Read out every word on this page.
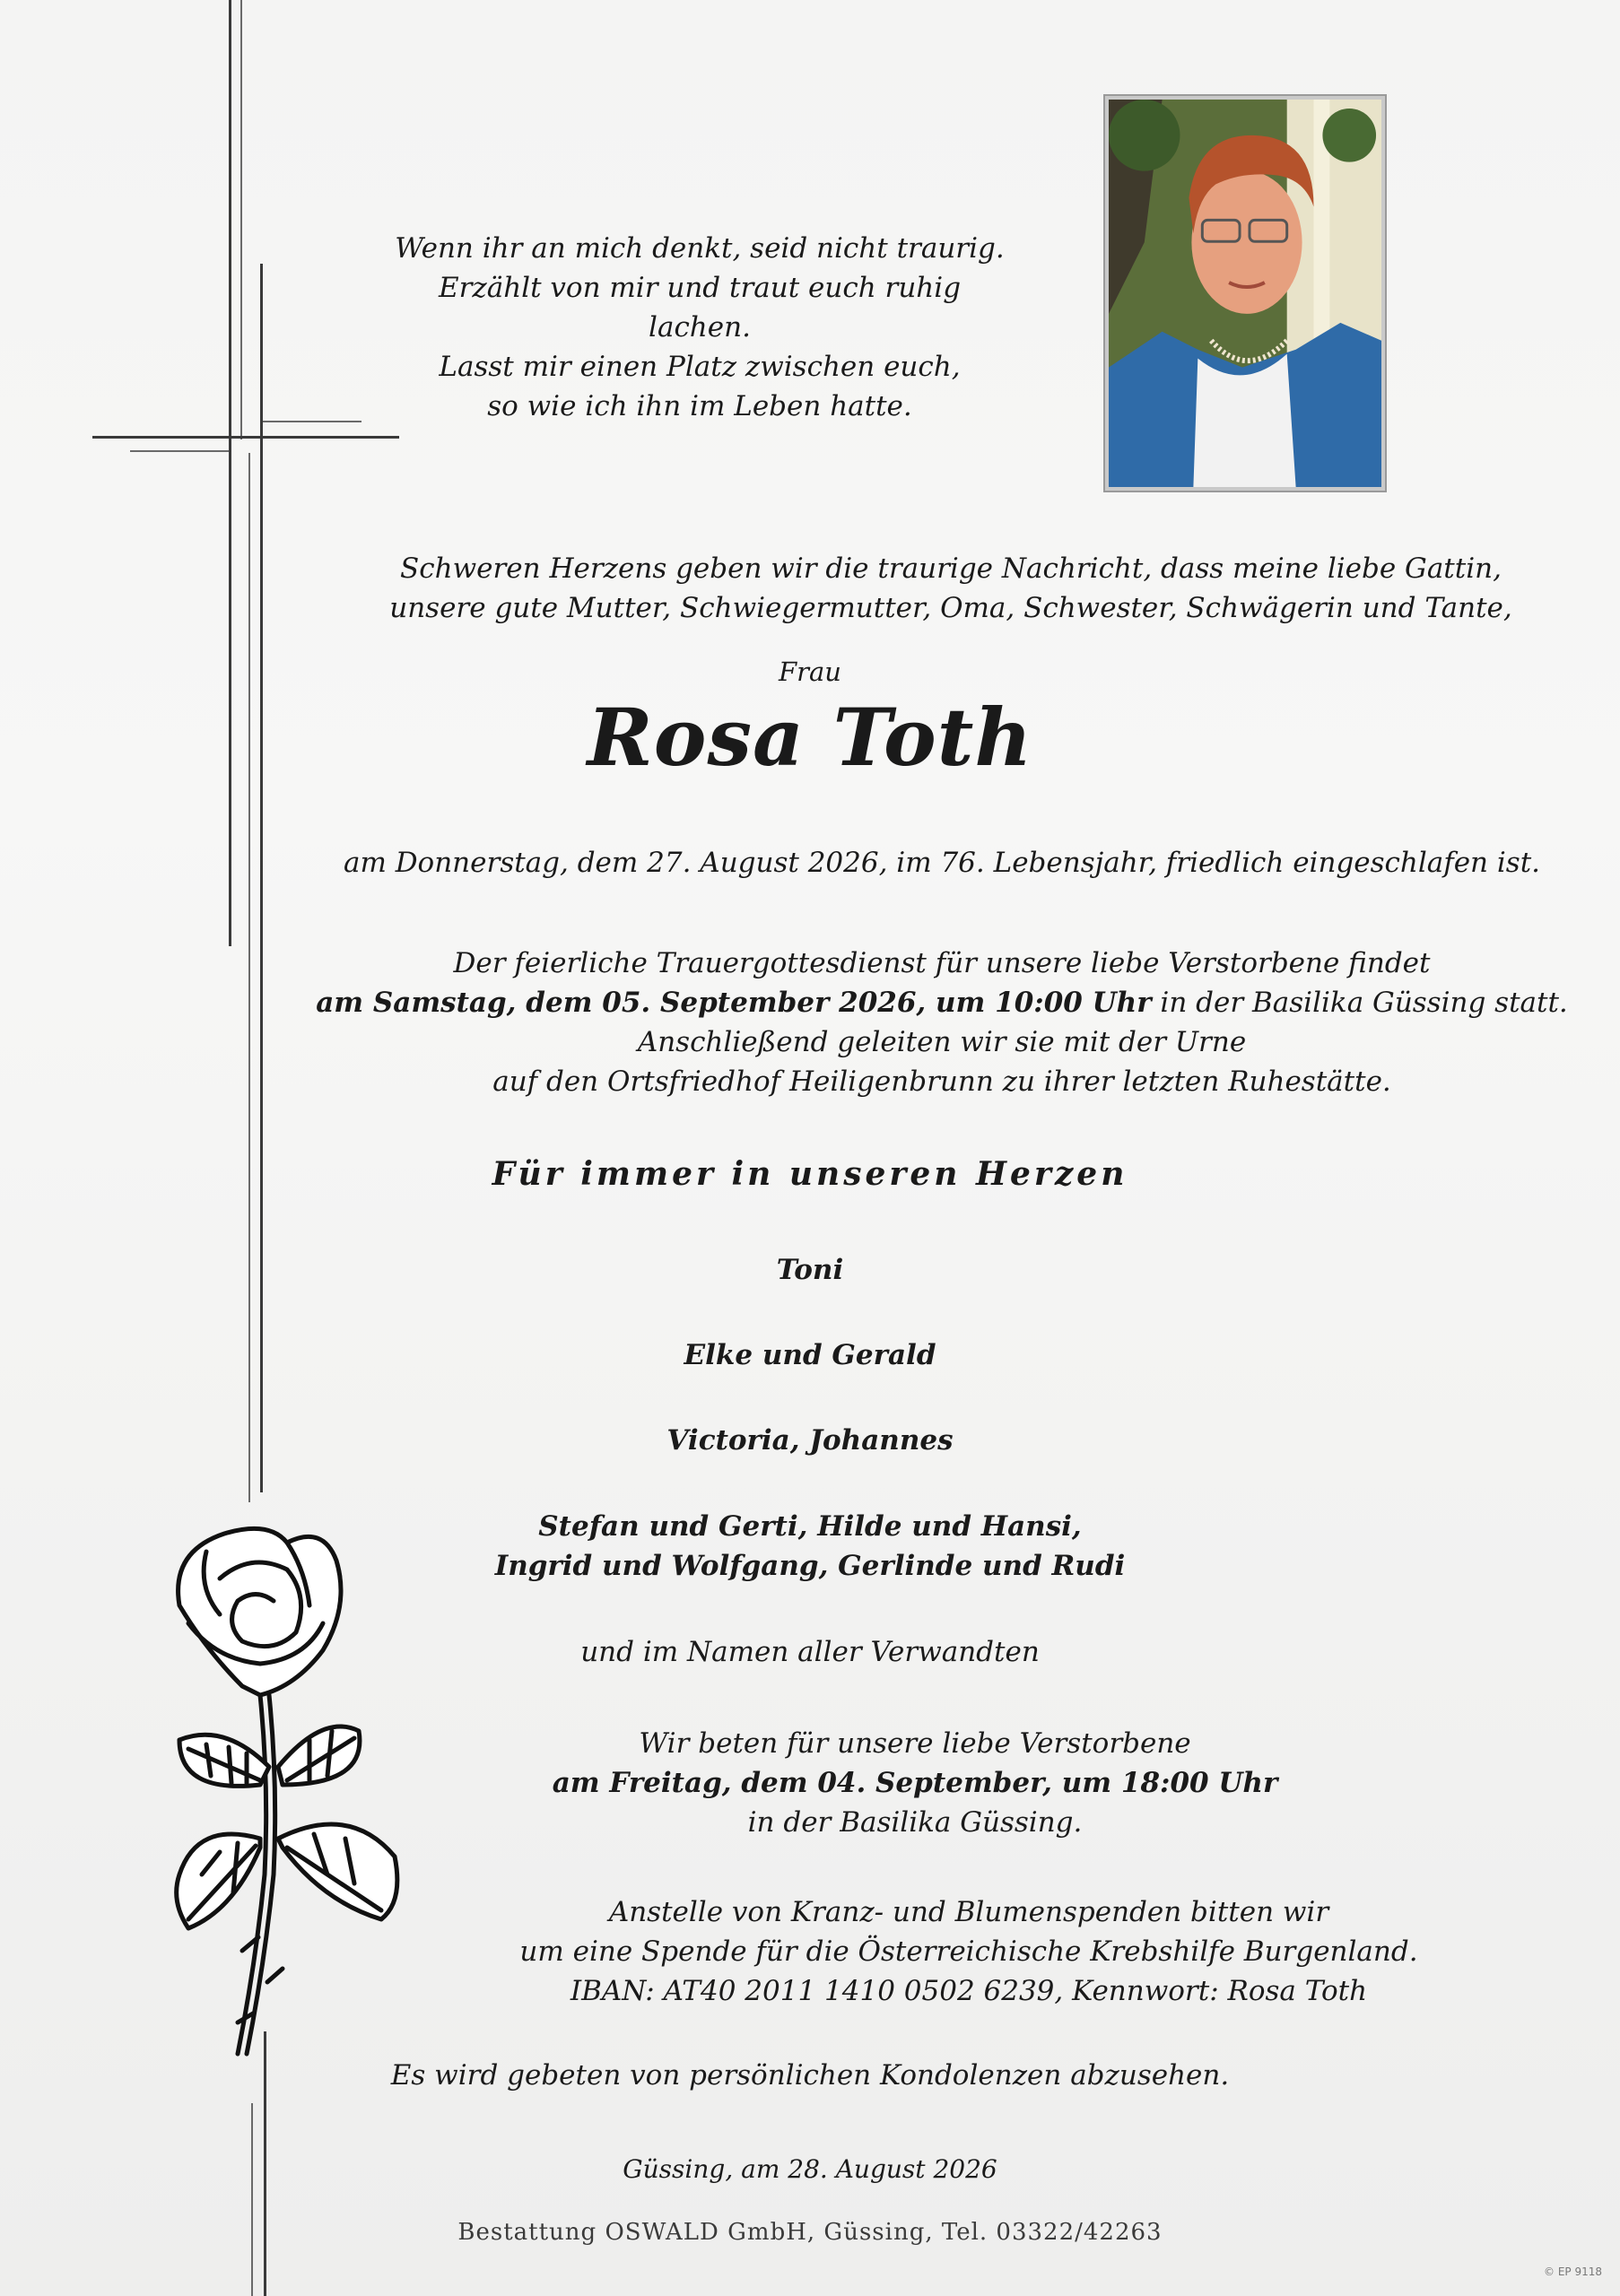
Wenn ihr an mich denkt, seid nicht traurig.
Erzählt von mir und traut euch ruhig lachen.
Lasst mir einen Platz zwischen euch,
so wie ich ihn im Leben hatte.
Schweren Herzens geben wir die traurige Nachricht, dass meine liebe Gattin,
unsere gute Mutter, Schwiegermutter, Oma, Schwester, Schwägerin und Tante,
Frau
Rosa Toth
am Donnerstag, dem 27. August 2026, im 76. Lebensjahr, friedlich eingeschlafen ist.
Der feierliche Trauergottesdienst für unsere liebe Verstorbene findet
am Samstag, dem 05. September 2026, um 10:00 Uhr in der Basilika Güssing statt.
Anschließend geleiten wir sie mit der Urne
auf den Ortsfriedhof Heiligenbrunn zu ihrer letzten Ruhestätte.
Für immer in unseren Herzen
Toni
Elke und Gerald
Victoria, Johannes
Stefan und Gerti, Hilde und Hansi,
Ingrid und Wolfgang, Gerlinde und Rudi
und im Namen aller Verwandten
Wir beten für unsere liebe Verstorbene
am Freitag, dem 04. September, um 18:00 Uhr
in der Basilika Güssing.
Anstelle von Kranz- und Blumenspenden bitten wir
um eine Spende für die Österreichische Krebshilfe Burgenland.
IBAN: AT40 2011 1410 0502 6239, Kennwort: Rosa Toth
Es wird gebeten von persönlichen Kondolenzen abzusehen.
Güssing, am 28. August 2026
Bestattung OSWALD GmbH, Güssing, Tel. 03322/42263
© EP 9118
